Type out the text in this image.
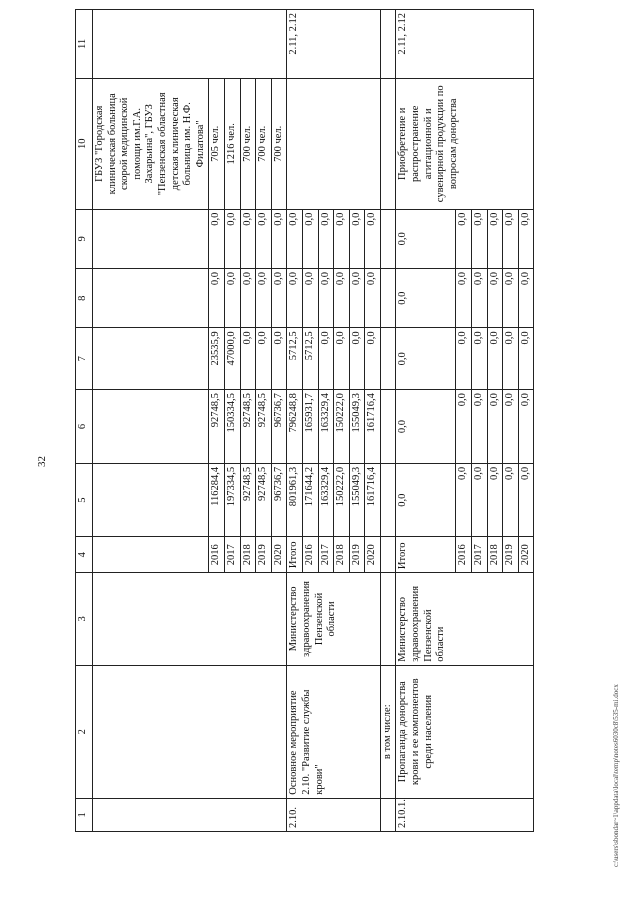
32
1	2	3	4	5	6	7	8	9	10	11
									ГБУЗ "Городская клиническая больница скорой медицинской помощи им.Г.А. Захарьина", ГБУЗ "Пензенская областная детская клиническая больница им. Н.Ф. Филатова"	
			2016	116284,4	92748,5	23535,9	0,0	0,0	705 чел.	
			2017	197334,5	150334,5	47000,0	0,0	0,0	1216 чел.	
			2018	92748,5	92748,5	0,0	0,0	0,0	700 чел.	
			2019	92748,5	92748,5	0,0	0,0	0,0	700 чел.	
			2020	96736,7	96736,7	0,0	0,0	0,0	700 чел.	
2.10.	Основное мероприятие 2.10. "Развитие службы крови"	Министерство здравоохранения Пензенской области	Итого	801961,3	796248,8	5712,5	0,0	0,0		2.11, 2.12
			2016	171644,2	165931,7	5712,5	0,0	0,0		
			2017	163329,4	163329,4	0,0	0,0	0,0		
			2018	150222,0	150222,0	0,0	0,0	0,0		
			2019	155049,3	155049,3	0,0	0,0	0,0		
			2020	161716,4	161716,4	0,0	0,0	0,0		
	в том числе:									
2.10.1.	Пропаганда донорства крови и ее компонентов среди населения	Министерство здравоохранения Пензенской области	Итого	0,0	0,0	0,0	0,0	0,0	Приобретение и распространение агитационной и сувенирной продукции по вопросам донорства	2.11, 2.12
			2016	0,0	0,0	0,0	0,0	0,0		
			2017	0,0	0,0	0,0	0,0	0,0		
			2018	0,0	0,0	0,0	0,0	0,0		
			2019	0,0	0,0	0,0	0,0	0,0		
			2020	0,0	0,0	0,0	0,0	0,0		
c:\users\sbondar~1\appdata\local\temp\notes6030c8\535-mi.docx
